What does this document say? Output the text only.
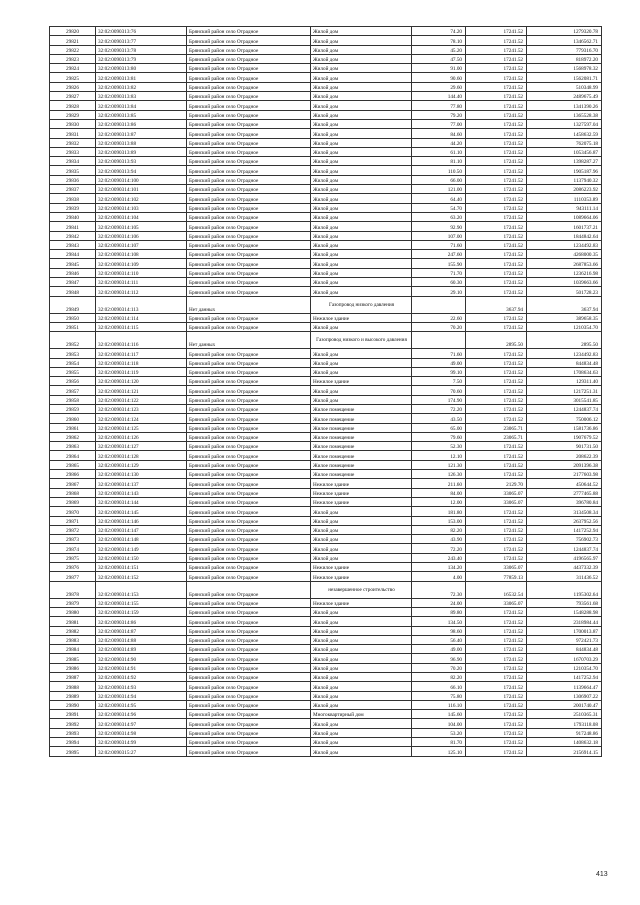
29820	32:02:0090313:76	Брянский район село Отрадное	Жилой дом	74.20	17241.52	1279320.78
29821	32:02:0090313:77	Брянский район село Отрадное	Жилой дом	78.10	17241.52	1346562.71
29822	32:02:0090313:78	Брянский район село Отрадное	Жилой дом	45.20	17241.52	779316.70
29823	32:02:0090313:79	Брянский район село Отрадное	Жилой дом	47.50	17241.52	818972.20
29824	32:02:0090313:80	Брянский район село Отрадное	Жилой дом	91.00	17241.52	1568978.32
29825	32:02:0090313:81	Брянский район село Отрадное	Жилой дом	90.60	17241.52	1562081.71
29826	32:02:0090313:82	Брянский район село Отрадное	Жилой дом	29.60	17241.52	510348.99
29827	32:02:0090313:83	Брянский район село Отрадное	Жилой дом	144.40	17241.52	2489675.49
29828	32:02:0090313:84	Брянский район село Отрадное	Жилой дом	77.80	17241.52	1341390.26
29829	32:02:0090313:85	Брянский район село Отрадное	Жилой дом	79.20	17241.52	1365528.38
29830	32:02:0090313:86	Брянский район село Отрадное	Жилой дом	77.00	17241.52	1327597.04
29831	32:02:0090313:87	Брянский район село Отрадное	Жилой дом	84.60	17241.52	1458632.59
29832	32:02:0090313:88	Брянский район село Отрадное	Жилой дом	44.20	17241.52	762075.18
29833	32:02:0090313:89	Брянский район село Отрадное	Жилой дом	61.10	17241.52	1053456.87
29834	32:02:0090313:93	Брянский район село Отрадное	Жилой дом	81.10	17241.52	1398287.27
29835	32:02:0090313:94	Брянский район село Отрадное	Жилой дом	110.50	17241.52	1905187.96
29836	32:02:0090314:100	Брянский район село Отрадное	Жилой дом	66.00	17241.52	1137940.32
29837	32:02:0090314:101	Брянский район село Отрадное	Жилой дом	121.00	17241.52	2086223.92
29838	32:02:0090314:102	Брянский район село Отрадное	Жилой дом	64.40	17241.52	1110353.89
29839	32:02:0090314:103	Брянский район село Отрадное	Жилой дом	54.70	17241.52	943111.14
29840	32:02:0090314:104	Брянский район село Отрадное	Жилой дом	63.20	17241.52	1089664.06
29841	32:02:0090314:105	Брянский район село Отрадное	Жилой дом	92.90	17241.52	1601737.21
29842	32:02:0090314:106	Брянский район село Отрадное	Жилой дом	107.00	17241.52	1844842.64
29843	32:02:0090314:107	Брянский район село Отрадное	Жилой дом	71.60	17241.52	1234492.83
29844	32:02:0090314:108	Брянский район село Отрадное	Жилой дом	247.60	17241.52	4268000.35
29845	32:02:0090314:109	Брянский район село Отрадное	Жилой дом	155.90	17241.52	2687853.66
29846	32:02:0090314:110	Брянский район село Отрадное	Жилой дом	71.70	17241.52	1236216.98
29847	32:02:0090314:111	Брянский район село Отрадное	Жилой дом	60.30	17241.52	1039663.66
29848	32:02:0090314:112	Брянский район село Отрадное	Жилой дом	29.10	17241.52	501728.23
29849	32:02:0090314:113	Нет данных	Газопровод низкого давления		3637.94	3637.94
29850	32:02:0090314:114	Брянский район село Отрадное	Нежилое здание	22.60	17241.52	389658.35
29851	32:02:0090314:115	Брянский район село Отрадное	Жилой дом	70.20	17241.52	1210354.70
29852	32:02:0090314:116	Нет данных	Газопровод низкого и высокого давления		2895.50	2895.50
29853	32:02:0090314:117	Брянский район село Отрадное	Жилой дом	71.60	17241.52	1234492.83
29854	32:02:0090314:118	Брянский район село Отрадное	Жилой дом	49.00	17241.52	844834.48
29855	32:02:0090314:119	Брянский район село Отрадное	Жилой дом	99.10	17241.52	1708634.63
29856	32:02:0090314:120	Брянский район село Отрадное	Нежилое здание	7.50	17241.52	129311.40
29857	32:02:0090314:121	Брянский район село Отрадное	Жилой дом	70.60	17241.52	1217251.31
29858	32:02:0090314:122	Брянский район село Отрадное	Жилой дом	174.90	17241.52	3015541.85
29859	32:02:0090314:123	Брянский район село Отрадное	Жилое помещение	72.20	17241.52	1244837.74
29860	32:02:0090314:124	Брянский район село Отрадное	Жилое помещение	43.50	17241.52	750006.12
29861	32:02:0090314:125	Брянский район село Отрадное	Жилое помещение	65.00	23065.71	1581736.86
29862	32:02:0090314:126	Брянский район село Отрадное	Жилое помещение	79.60	23065.71	1907679.52
29863	32:02:0090314:127	Брянский район село Отрадное	Жилое помещение	52.30	17241.52	901731.50
29864	32:02:0090314:128	Брянский район село Отрадное	Жилое помещение	12.10	17241.52	208622.39
29865	32:02:0090314:129	Брянский район село Отрадное	Жилое помещение	121.30	17241.52	2091396.38
29866	32:02:0090314:130	Брянский район село Отрадное	Жилое помещение	126.30	17241.52	2177603.98
29867	32:02:0090314:137	Брянский район село Отрадное	Нежилое здание	211.60	2129.70	450644.52
29868	32:02:0090314:143	Брянский район село Отрадное	Нежилое здание	84.00	33065.07	2777465.88
29869	32:02:0090314:144	Брянский район село Отрадное	Нежилое здание	12.00	33065.07	396780.84
29870	32:02:0090314:145	Брянский район село Отрадное	Жилой дом	181.80	17241.52	3134508.34
29871	32:02:0090314:146	Брянский район село Отрадное	Жилой дом	153.00	17241.52	2637952.56
29872	32:02:0090314:147	Брянский район село Отрадное	Жилой дом	82.20	17241.52	1417252.94
29873	32:02:0090314:148	Брянский район село Отрадное	Жилой дом	43.90	17241.52	756902.73
29874	32:02:0090314:149	Брянский район село Отрадное	Жилой дом	72.20	17241.52	1244837.74
29875	32:02:0090314:150	Брянский район село Отрадное	Жилой дом	243.40	17241.52	4196565.97
29876	32:02:0090314:151	Брянский район село Отрадное	Нежилое здание	134.20	33065.07	4437332.39
29877	32:02:0090314:152	Брянский район село Отрадное	Нежилое здание	4.00	77859.13	311436.52
29878	32:02:0090314:153	Брянский район село Отрадное	незавершенное строительство	72.30	16532.54	1195302.64
29879	32:02:0090314:155	Брянский район село Отрадное	Нежилое здание	24.00	33065.07	793561.68
29880	32:02:0090314:159	Брянский район село Отрадное	Жилой дом	89.80	17241.52	1548288.98
29881	32:02:0090314:86	Брянский район село Отрадное	Жилой дом	134.50	17241.52	2318984.44
29882	32:02:0090314:87	Брянский район село Отрадное	Жилой дом	98.60	17241.52	1700013.87
29883	32:02:0090314:88	Брянский район село Отрадное	Жилой дом	56.40	17241.52	972421.73
29884	32:02:0090314:89	Брянский район село Отрадное	Жилой дом	49.00	17241.52	844834.48
29885	32:02:0090314:90	Брянский район село Отрадное	Жилой дом	96.90	17241.52	1670703.29
29886	32:02:0090314:91	Брянский район село Отрадное	Жилой дом	70.20	17241.52	1210354.70
29887	32:02:0090314:92	Брянский район село Отрадное	Жилой дом	82.20	17241.52	1417252.94
29888	32:02:0090314:93	Брянский район село Отрадное	Жилой дом	66.10	17241.52	1139664.47
29889	32:02:0090314:94	Брянский район село Отрадное	Жилой дом	75.80	17241.52	1306907.22
29890	32:02:0090314:95	Брянский район село Отрадное	Жилой дом	116.10	17241.52	2001740.47
29891	32:02:0090314:96	Брянский район село Отрадное	Многоквартирный дом	145.60	17241.52	2510365.31
29892	32:02:0090314:97	Брянский район село Отрадное	Жилой дом	104.00	17241.52	1793118.08
29893	32:02:0090314:98	Брянский район село Отрадное	Жилой дом	53.20	17241.52	917248.86
29894	32:02:0090314:99	Брянский район село Отрадное	Жилой дом	81.70	17241.52	1408632.18
29895	32:02:0090315:27	Брянский район село Отрадное	Жилой дом	125.10	17241.52	2156914.15
413
